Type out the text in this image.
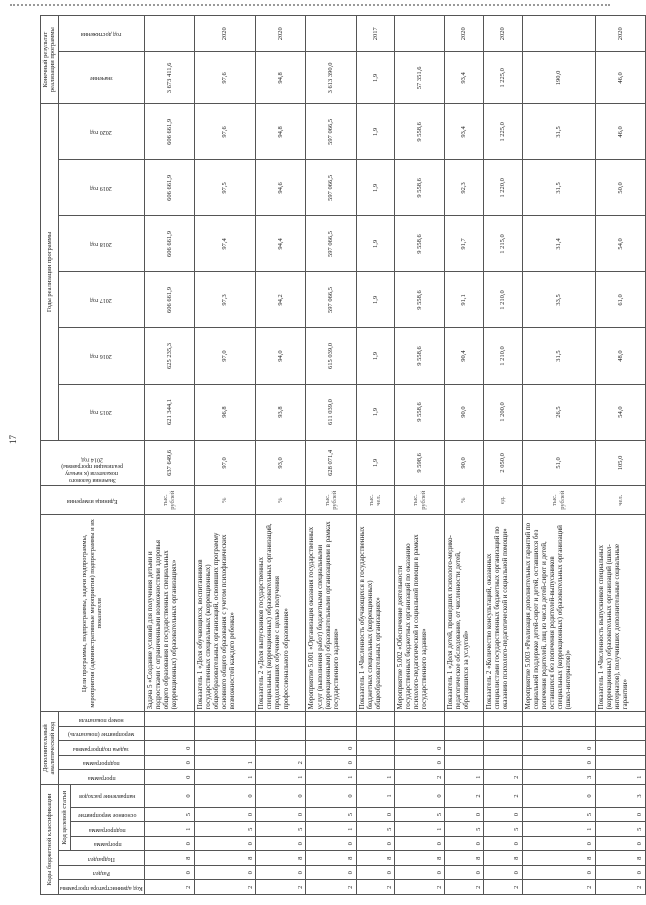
17
Коды бюджетной классификации							Дополнительный аналитический код					Цели программы, подпрограммы, задачи подпрограммы, мероприятия (административные мероприятия) подпрограммы и их показатели	Единица измерения	Значения базового показателя (к началу реализации программы) 2014 год	Годы реализации программы						Конечный результат реализации программы	

Код администратора программы	Раздел	Подраздел	Код целевой статьи				программа	подпрограмма	задача подпрограммы	мероприятие (показатель)	номер показателя				2015 год	2016 год	2017 год	2018 год	2019 год	2020 год	значение	год достижения

			программа	подпрограмма	основное мероприятие	направление расходов																

2	0	8	0	1	5	0	0	0	0			Задача 5 «Создание условий для получения детьми и подростками с ограниченными возможностями здоровья общего образования в государственных специальных (коррекционных) образовательных организациях»	тыс. рублей	637 649,6	621 344,1	625 235,3	606 661,9	606 661,9	606 661,9	606 661,9	3 673 411,6	
2	0	8	0	5	0	0	1	1				Показатель 1 «Доля обучающихся, воспитанников государственных специальных (коррекционных) общеобразовательных организаций, освоивших программу основного общего образования с учетом психофизических возможностей каждого ребенка»	%	97,0	96,8	97,0	97,3	97,4	97,5	97,6	97,6	2020
2	0	8	0	5	0	0	1	2				Показатель 2 «Доля выпускников государственных специальных (коррекционных) образовательных организаций, продолживших обучение с целью получения профессионального образования»	%	93,0	93,8	94,0	94,2	94,4	94,6	94,8	94,8	2020
2	0	8	0	1	5	0	1	0	0			Мероприятие 5.001 «Организация оказания государственных услуг (выполнения работ) бюджетными специальными (коррекционными) образовательными организациями в рамках государственного задания»	тыс. рублей	628 071,4	611 039,0	615 039,0	597 066,5	597 066,5	597 066,5	597 066,5	3 613 390,0	
2	0	8	0	5	0	1	1					Показатель 1 «Численность обучающихся в государственных бюджетных специальных (коррекционных) общеобразовательных организациях»	тыс. чел.	1,9	1,9	1,9	1,9	1,9	1,9	1,9	1,9	2017
2	0	8	0	1	5	0	2	0	0			Мероприятие 5.002 «Обеспечение деятельности государственных бюджетных организаций по оказанию психолого-педагогической и социальной помощи в рамках государственного задания»	тыс. рублей	9 598,6	9 558,6	9 558,6	9 558,6	9 558,6	9 558,6	9 558,6	57 351,6	
2	0	8	0	5	0	2	1					Показатель 1 «Доля детей, прошедших психолого-медико-педагогическое обследование, от численности детей, обратившихся за услугой»	%	90,0	90,0	90,4	91,1	91,7	92,3	93,4	93,4	2020
2	0	8	0	5	0	2	2					Показатель 2 «Количество консультаций, оказанных специалистами государственных бюджетных организаций по оказанию психолого-педагогической и социальной помощи»	ед.	2 050,0	1 200,0	1 210,0	1 210,0	1 215,0	1 220,0	1 225,0	1 225,0	2020
2	0	8	0	1	5	0	3	0	0			Мероприятие 5.003 «Реализация дополнительных гарантий по социальной поддержке детей-сирот и детей, оставшихся без попечения родителей, лиц из числа детей-сирот и детей, оставшихся без попечения родителей-выпускников специальных (коррекционных) образовательных организаций (школ-интернатов)»	тыс. рублей	51,0	26,5	31,5	33,5	31,4	31,5	31,5	190,0	
2	0	8	0	5	0	3	1					Показатель 1 «Численность выпускников специальных (коррекционных) образовательных организаций (школ-интернатов), получивших дополнительные социальные гарантии»	чел.	105,0	54,0	48,0	61,0	54,0	50,0	46,0	46,0	2020
